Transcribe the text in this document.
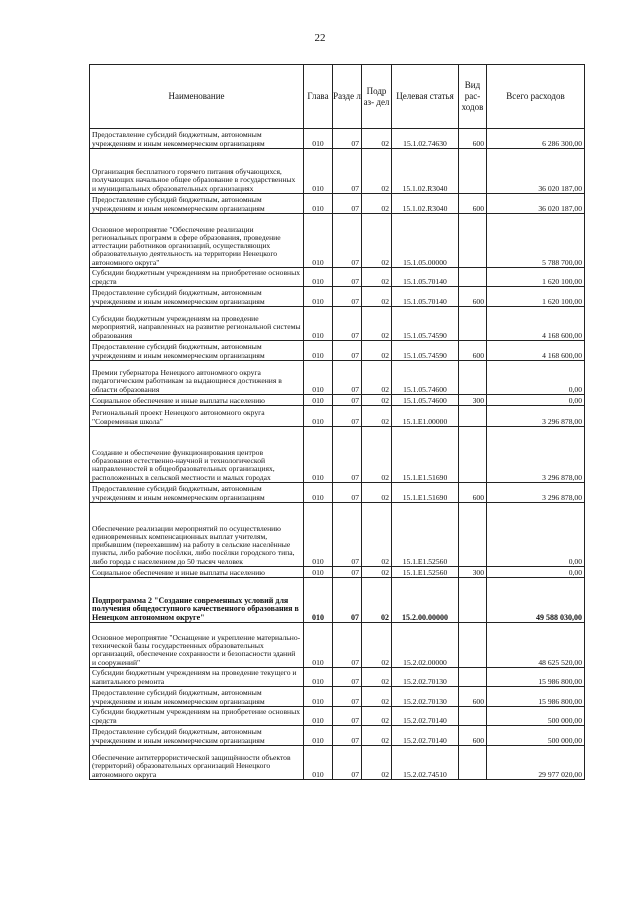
22
Наименование	Глава	Разде л	Подр аз- дел	Целевая статья	Вид рас- ходов	Всего расходов
Предоставление субсидий бюджетным, автономным учреждениям и иным некоммерческим организациям	010	07	02	15.1.02.74630	600	6 286 300,00
Организация бесплатного горячего питания обучающихся, получающих начальное общее образование в государственных и муниципальных образовательных организациях	010	07	02	15.1.02.R3040		36 020 187,00
Предоставление субсидий бюджетным, автономным учреждениям и иным некоммерческим организациям	010	07	02	15.1.02.R3040	600	36 020 187,00
Основное мероприятие "Обеспечение реализации региональных программ в сфере образования, проведение аттестации работников организаций, осуществляющих образовательную деятельность на территории Ненецкого автономного округа"	010	07	02	15.1.05.00000		5 788 700,00
Субсидии бюджетным учреждениям на приобретение основных средств	010	07	02	15.1.05.70140		1 620 100,00
Предоставление субсидий бюджетным, автономным учреждениям и иным некоммерческим организациям	010	07	02	15.1.05.70140	600	1 620 100,00
Субсидии бюджетным учреждениям на проведение мероприятий, направленных на развитие региональной системы образования	010	07	02	15.1.05.74590		4 168 600,00
Предоставление субсидий бюджетным, автономным учреждениям и иным некоммерческим организациям	010	07	02	15.1.05.74590	600	4 168 600,00
Премии губернатора Ненецкого автономного округа педагогическим работникам за выдающиеся достижения в области образования	010	07	02	15.1.05.74600		0,00
Социальное обеспечение и иные выплаты населению	010	07	02	15.1.05.74600	300	0,00
Региональный проект Ненецкого автономного округа "Современная школа"	010	07	02	15.1.E1.00000		3 296 878,00
Создание и обеспечение функционирования центров образования естественно-научной и технологической направленностей в общеобразовательных организациях, расположенных в сельской местности и малых городах	010	07	02	15.1.E1.51690		3 296 878,00
Предоставление субсидий бюджетным, автономным учреждениям и иным некоммерческим организациям	010	07	02	15.1.E1.51690	600	3 296 878,00
Обеспечение реализации мероприятий по осуществлению единовременных компенсационных выплат учителям, прибывшим (переехавшим) на работу в сельские населённые пункты, либо рабочие посёлки, либо посёлки городского типа, либо города с населением до 50 тысяч человек	010	07	02	15.1.E1.52560		0,00
Социальное обеспечение и иные выплаты населению	010	07	02	15.1.E1.52560	300	0,00
Подпрограмма 2 "Создание современных условий для получения общедоступного качественного образования в Ненецком автономном округе"	010	07	02	15.2.00.00000		49 588 030,00
Основное мероприятие "Оснащение и укрепление материально-технической базы государственных образовательных организаций, обеспечение сохранности и безопасности зданий и сооружений"	010	07	02	15.2.02.00000		48 625 520,00
Субсидии бюджетным учреждениям на проведение текущего и капитального ремонта	010	07	02	15.2.02.70130		15 986 800,00
Предоставление субсидий бюджетным, автономным учреждениям и иным некоммерческим организациям	010	07	02	15.2.02.70130	600	15 986 800,00
Субсидии бюджетным учреждениям на приобретение основных средств	010	07	02	15.2.02.70140		500 000,00
Предоставление субсидий бюджетным, автономным учреждениям и иным некоммерческим организациям	010	07	02	15.2.02.70140	600	500 000,00
Обеспечение антитеррористической защищённости объектов (территорий) образовательных организаций Ненецкого автономного округа	010	07	02	15.2.02.74510		29 977 020,00
